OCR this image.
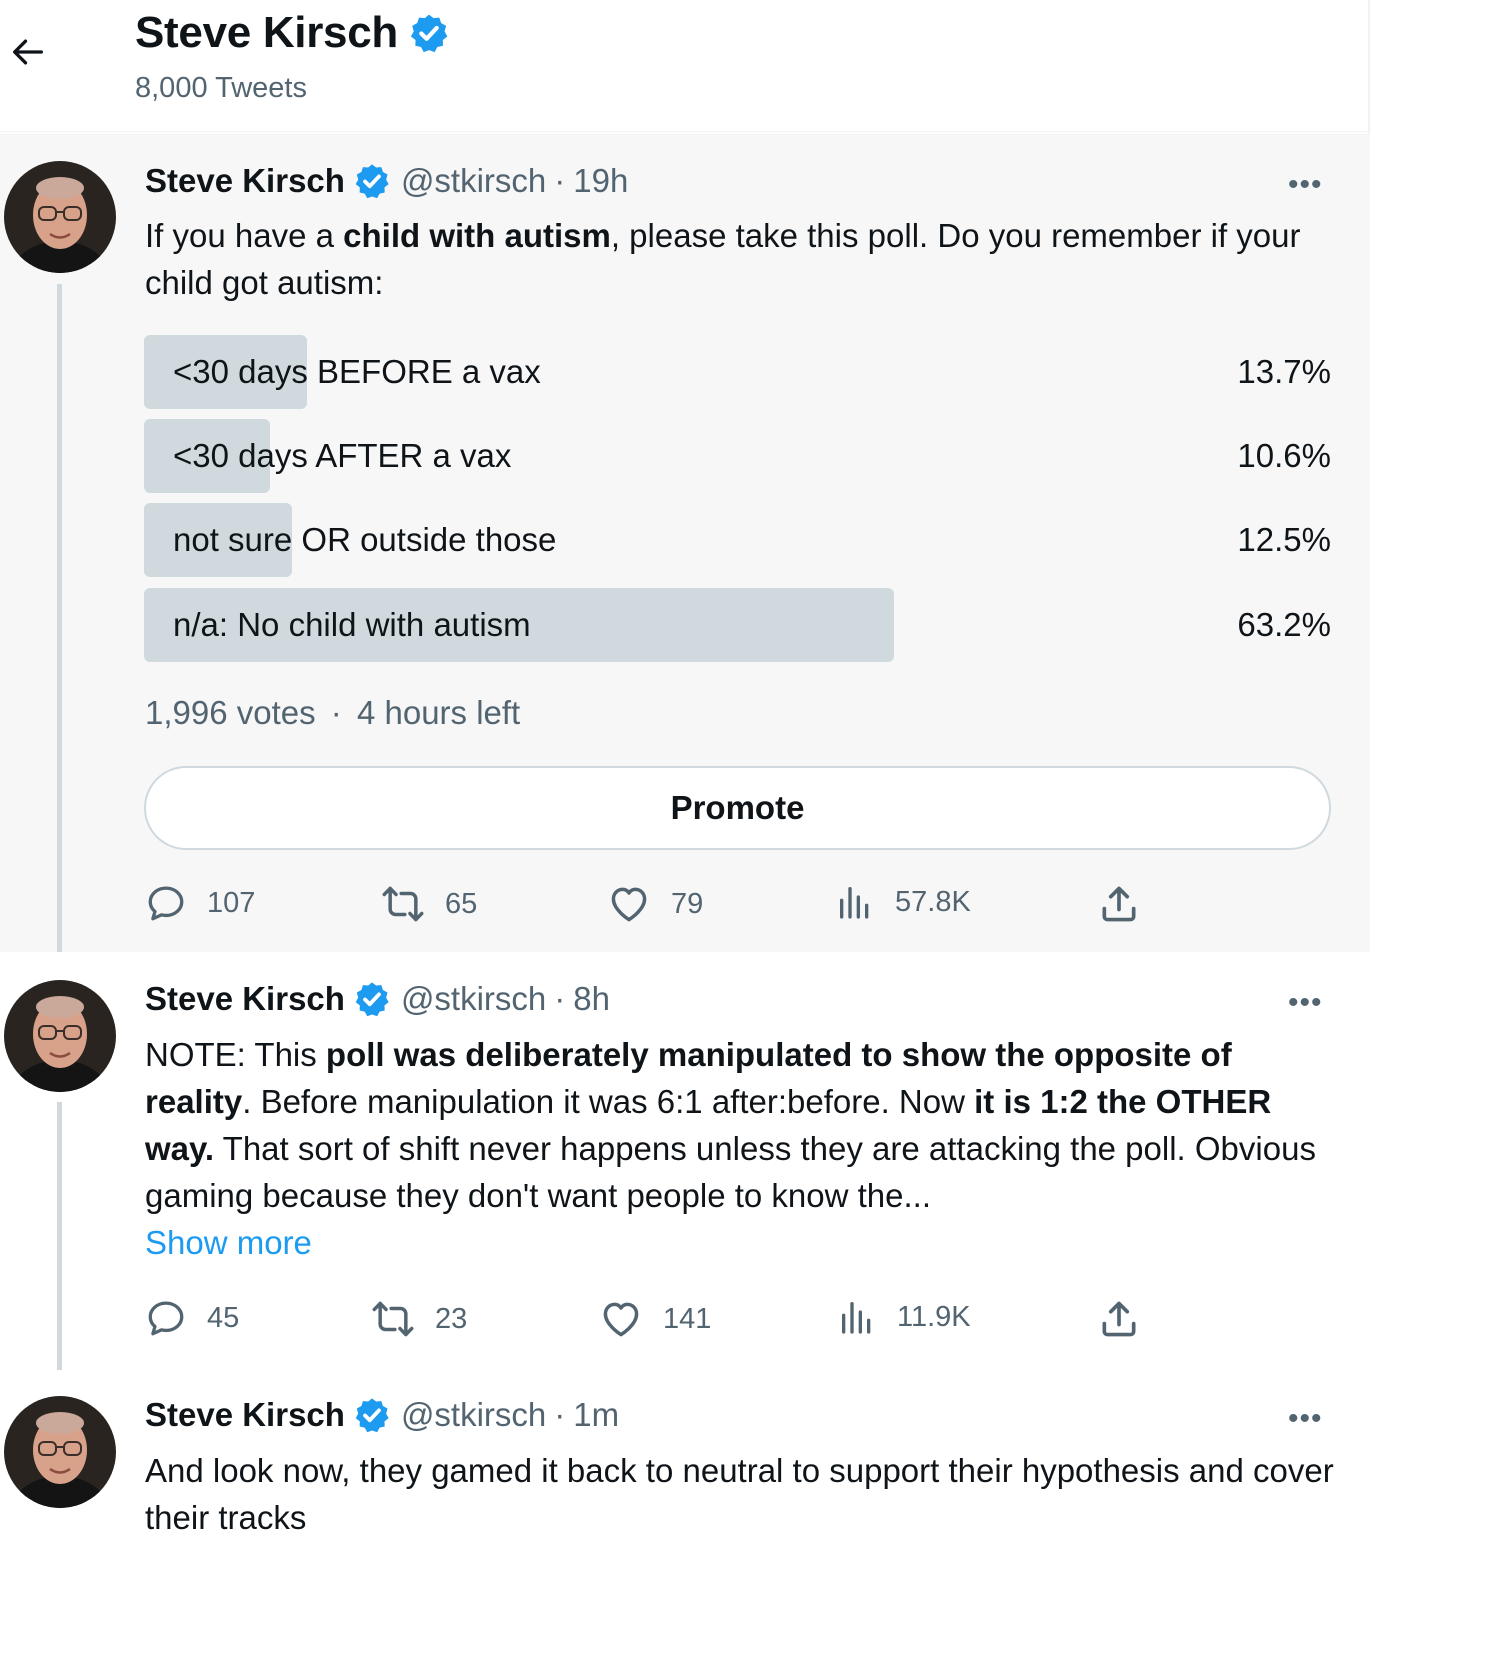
Steve Kirsch
8,000 Tweets
Steve Kirsch @stkirsch · 19h	•••
If you have a child with autism, please take this poll. Do you remember if your child got autism:
<30 days BEFORE a vax	13.7%
<30 days AFTER a vax	10.6%
not sure OR outside those	12.5%
n/a: No child with autism	63.2%
1,996 votes · 4 hours left
Promote
107	65	79	57.8K
Steve Kirsch @stkirsch · 8h	•••
NOTE: This poll was deliberately manipulated to show the opposite of reality. Before manipulation it was 6:1 after:before. Now it is 1:2 the OTHER way. That sort of shift never happens unless they are attacking the poll. Obvious gaming because they don't want people to know the...
Show more
45	23	141	11.9K
Steve Kirsch @stkirsch · 1m	•••
And look now, they gamed it back to neutral to support their hypothesis and cover their tracks
